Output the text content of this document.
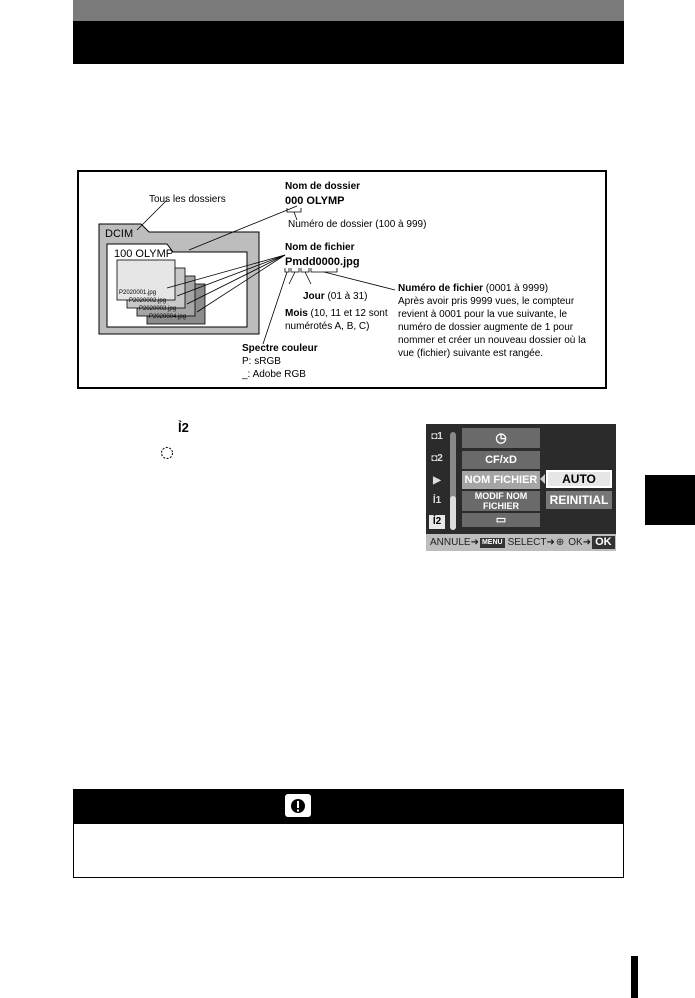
Tous les dossiers
DCIM
100 OLYMP
P2020001.jpg
P2020002.jpg
P2020003.jpg
P2020004.jpg
Nom de dossier
000 OLYMP
Numéro de dossier (100 à 999)
Nom de fichier
Pmdd0000.jpg
Numéro de fichier (0001 à 9999)
Après avoir pris 9999 vues, le compteur
revient à 0001 pour la vue suivante, le
numéro de dossier augmente de 1 pour
nommer et créer un nouveau dossier où la
vue (fichier) suivante est rangée.
Jour (01 à 31)
Mois (10, 11 et 12 sont
numérotés A, B, C)
Spectre couleur
P: sRGB
_: Adobe RGB
Ỉ2
◘1
◘2
▶
Ỉ1
Ỉ2
◷
CF/xD
NOM FICHIER
MODIF NOM FICHIER
▭
AUTO
REINITIAL
ANNULE ➜ MENU SELECT ➜ ⊕ OK ➜ OK
